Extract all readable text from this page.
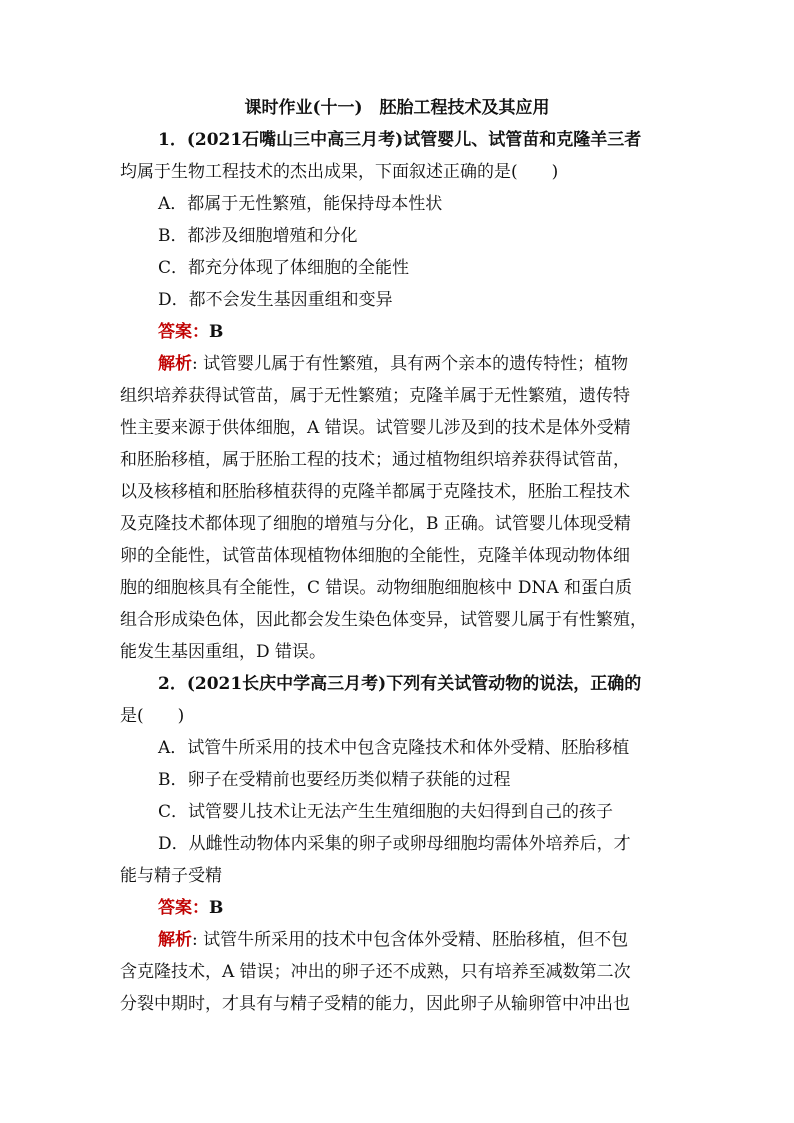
课时作业(十一)　胚胎工程技术及其应用
1．(2021石嘴山三中高三月考)试管婴儿、试管苗和克隆羊三者
均属于生物工程技术的杰出成果，下面叙述正确的是(　　)
A．都属于无性繁殖，能保持母本性状
B．都涉及细胞增殖和分化
C．都充分体现了体细胞的全能性
D．都不会发生基因重组和变异
答案：B
解析: 试管婴儿属于有性繁殖，具有两个亲本的遗传特性；植物
组织培养获得试管苗，属于无性繁殖；克隆羊属于无性繁殖，遗传特
性主要来源于供体细胞，A 错误。试管婴儿涉及到的技术是体外受精
和胚胎移植，属于胚胎工程的技术；通过植物组织培养获得试管苗，
以及核移植和胚胎移植获得的克隆羊都属于克隆技术，胚胎工程技术
及克隆技术都体现了细胞的增殖与分化，B 正确。试管婴儿体现受精
卵的全能性，试管苗体现植物体细胞的全能性，克隆羊体现动物体细
胞的细胞核具有全能性，C 错误。动物细胞细胞核中 DNA 和蛋白质
组合形成染色体，因此都会发生染色体变异，试管婴儿属于有性繁殖，
能发生基因重组，D 错误。
2．(2021长庆中学高三月考)下列有关试管动物的说法，正确的
是(　　)
A．试管牛所采用的技术中包含克隆技术和体外受精、胚胎移植
B．卵子在受精前也要经历类似精子获能的过程
C．试管婴儿技术让无法产生生殖细胞的夫妇得到自己的孩子
D．从雌性动物体内采集的卵子或卵母细胞均需体外培养后，才
能与精子受精
答案：B
解析: 试管牛所采用的技术中包含体外受精、胚胎移植，但不包
含克隆技术，A 错误；冲出的卵子还不成熟，只有培养至减数第二次
分裂中期时，才具有与精子受精的能力，因此卵子从输卵管中冲出也
